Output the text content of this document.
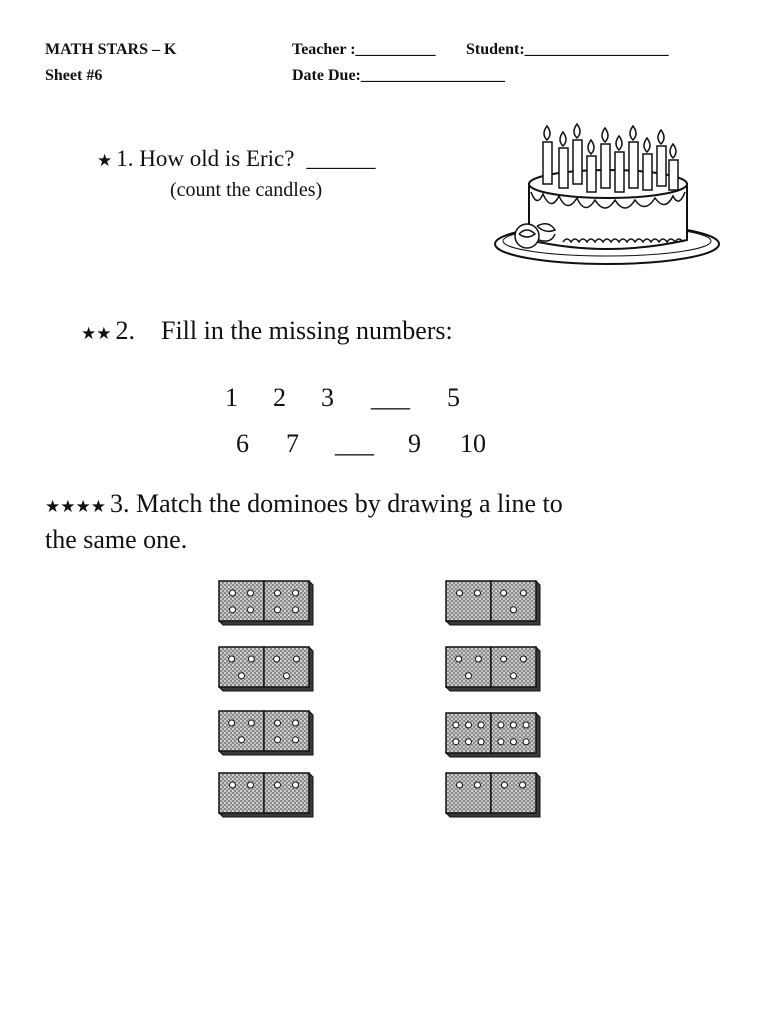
MATH STARS – K
Sheet #6
Teacher :__________ Student:__________________
Date Due:__________________
★ 1. How old is Eric? ______
(count the candles)
★★ 2. Fill in the missing numbers:
1 2 3 ___ 5
6 7 ___ 9 10
★★★★ 3. Match the dominoes by drawing a line to
the same one.
